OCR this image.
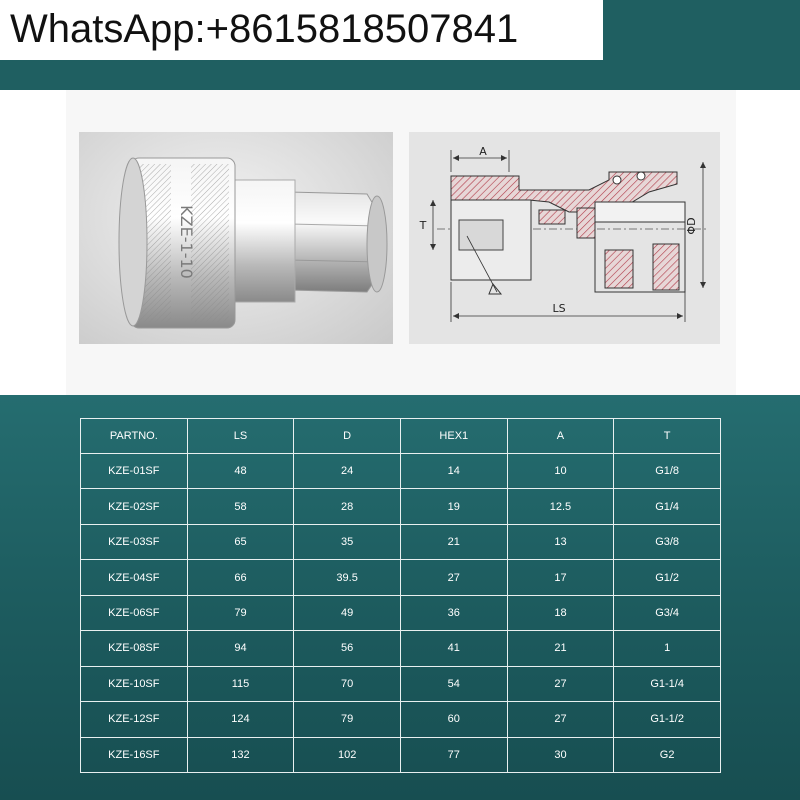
WhatsApp:+8615818507841
KZE-1-10
A
T	ΦD
LS
PARTNO.	LS	D	HEX1	A	T
KZE-01SF	48	24	14	10	G1/8
KZE-02SF	58	28	19	12.5	G1/4
KZE-03SF	65	35	21	13	G3/8
KZE-04SF	66	39.5	27	17	G1/2
KZE-06SF	79	49	36	18	G3/4
KZE-08SF	94	56	41	21	1
KZE-10SF	115	70	54	27	G1-1/4
KZE-12SF	124	79	60	27	G1-1/2
KZE-16SF	132	102	77	30	G2
